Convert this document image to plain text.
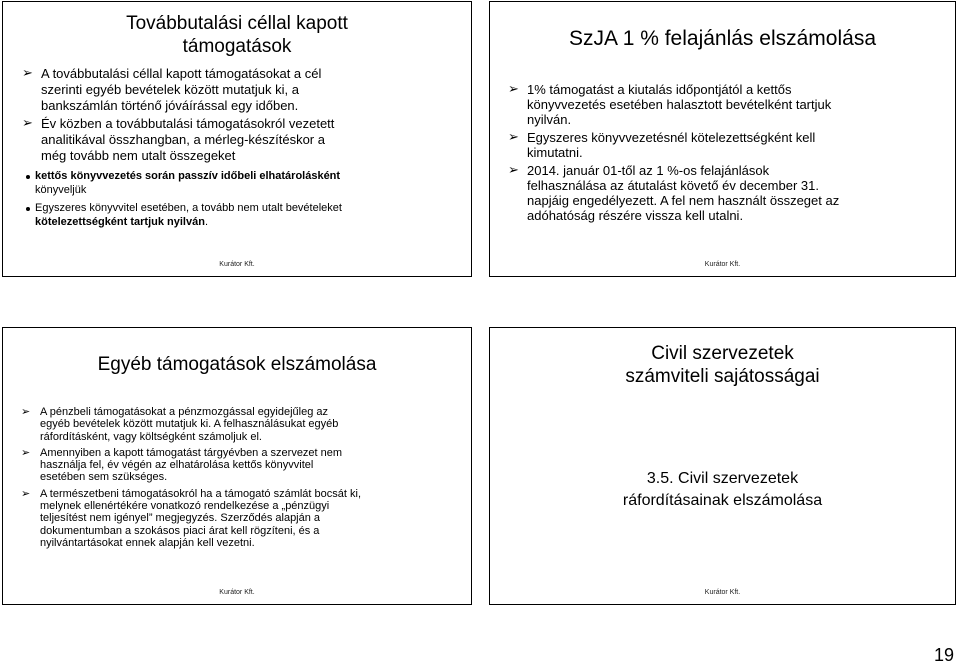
Továbbutalási céllal kapott
támogatások
➢ A továbbutalási céllal kapott támogatásokat a cél szerinti egyéb bevételek között mutatjuk ki, a bankszámlán történő jóváírással egy időben.
➢ Év közben a továbbutalási támogatásokról vezetett analitikával összhangban, a mérleg-készítéskor a még tovább nem utalt összegeket
kettős könyvvezetés során passzív időbeli elhatárolásként könyveljük
Egyszeres könyvvitel esetében, a tovább nem utalt bevételeket kötelezettségként tartjuk nyilván.
Kurátor Kft.
SzJA 1 % felajánlás elszámolása
➢ 1% támogatást a kiutalás időpontjától a kettős könyvvezetés esetében halasztott bevételként tartjuk nyilván.
➢ Egyszeres könyvvezetésnél kötelezettségként kell kimutatni.
➢ 2014. január 01-től az 1 %-os felajánlások felhasználása az átutalást követő év december 31. napjáig engedélyezett. A fel nem használt összeget az adóhatóság részére vissza kell utalni.
Kurátor Kft.
Egyéb támogatások elszámolása
➢ A pénzbeli támogatásokat a pénzmozgással egyidejűleg az egyéb bevételek között mutatjuk ki. A felhasználásukat egyéb ráfordításként, vagy költségként számoljuk el.
➢ Amennyiben a kapott támogatást tárgyévben a szervezet nem használja fel, év végén az elhatárolása kettős könyvvitel esetében sem szükséges.
➢ A természetbeni támogatásokról ha a támogató számlát bocsát ki, melynek ellenértékére vonatkozó rendelkezése a „pénzügyi teljesítést nem igényel” megjegyzés. Szerződés alapján a dokumentumban a szokásos piaci árat kell rögzíteni, és a nyilvántartásokat ennek alapján kell vezetni.
Kurátor Kft.
Civil szervezetek
számviteli sajátosságai
3.5. Civil szervezetek
ráfordításainak elszámolása
Kurátor Kft.
19
